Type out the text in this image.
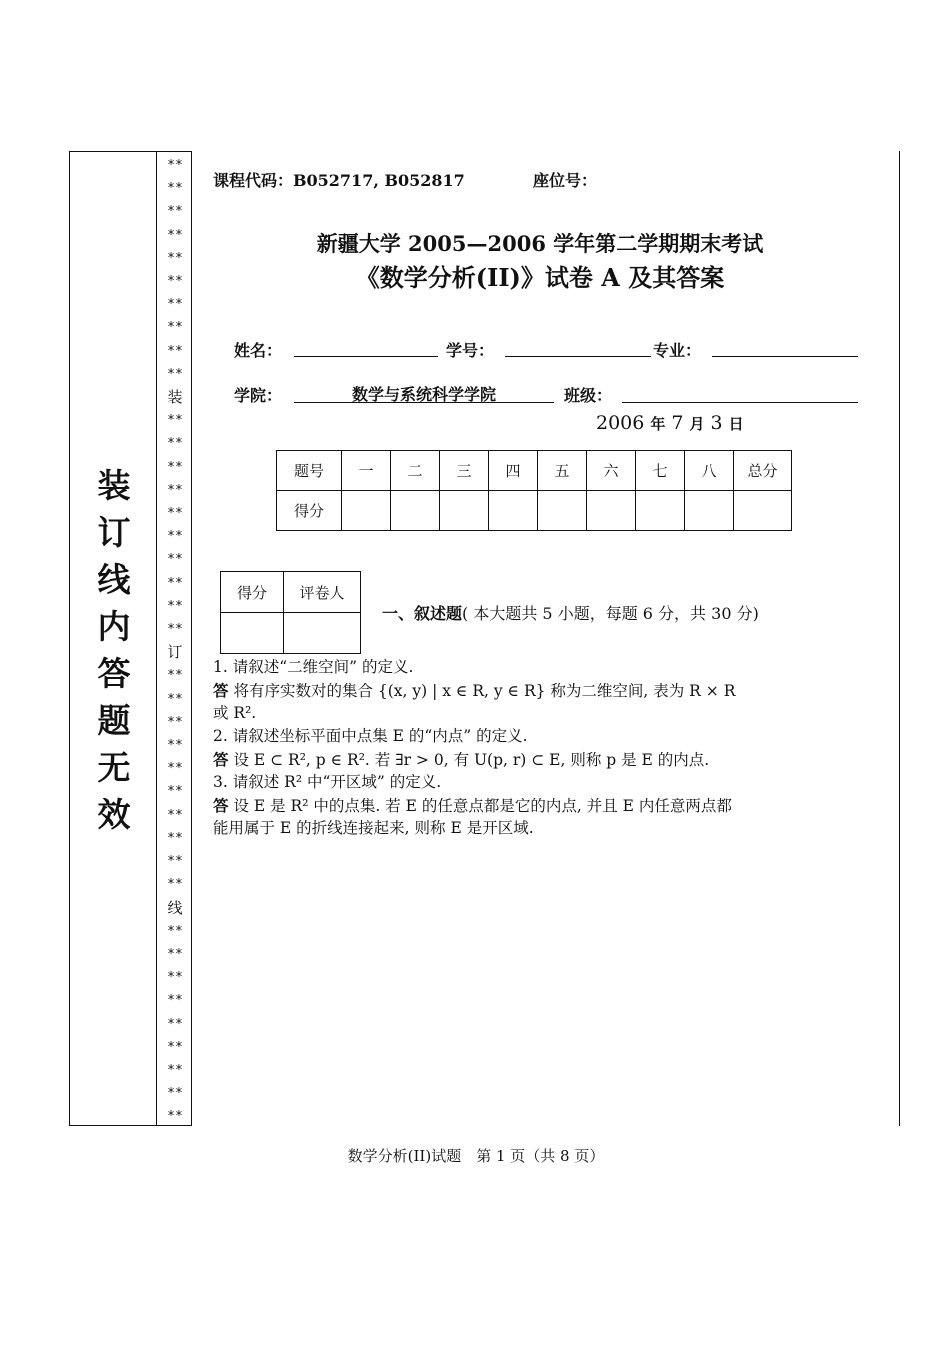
装
订
线
内
答
题
无
效
**
**
**
**
**
**
**
**
**
**
装
**
**
**
**
**
**
**
**
**
**
订
**
**
**
**
**
**
**
**
**
**
线
**
**
**
**
**
**
**
**
**
课程代码：B052717, B052817	座位号：
新疆大学 2005—2006 学年第二学期期末考试
《数学分析(II)》试卷 A 及其答案
姓名：	学号：	专业：
学院：	数学与系统科学学院	班级：
2006 年 7 月 3 日
题号	一	二	三	四	五	六	七	八	总分
得分									
得分	评卷人

一、叙述题( 本大题共 5 小题，每题 6 分，共 30 分)
1. 请叙述“二维空间” 的定义.
答 将有序实数对的集合 {(x, y) | x ∈ R, y ∈ R} 称为二维空间, 表为 R × R
或 R².
2. 请叙述坐标平面中点集 E 的“内点” 的定义.
答 设 E ⊂ R², p ∈ R². 若 ∃r > 0, 有 U(p, r) ⊂ E, 则称 p 是 E 的内点.
3. 请叙述 R² 中“开区域” 的定义.
答 设 E 是 R² 中的点集. 若 E 的任意点都是它的内点, 并且 E 内任意两点都
能用属于 E 的折线连接起来, 则称 E 是开区域.
数学分析(II)试题　第 1 页（共 8 页）
